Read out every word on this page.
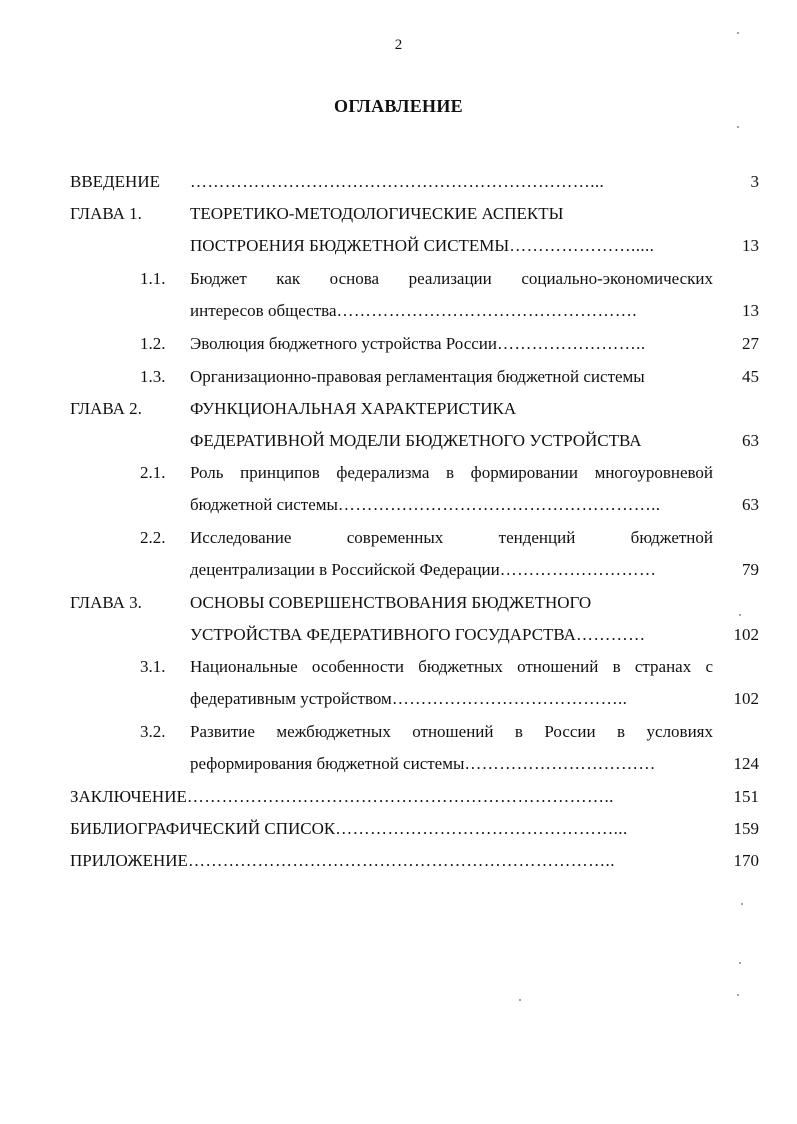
2
ОГЛАВЛЕНИЕ
ВВЕДЕНИЕ ……………………………………………………………...	3
ГЛАВА 1.	ТЕОРЕТИКО-МЕТОДОЛОГИЧЕСКИЕ АСПЕКТЫ
ПОСТРОЕНИЯ БЮДЖЕТНОЙ СИСТЕМЫ………………….....	13
1.1. Бюджет как основа реализации социально-экономических
интересов общества…………………………………………….	13
1.2. Эволюция бюджетного устройства России……………………..	27
1.3. Организационно-правовая регламентация бюджетной системы	45
ГЛАВА 2.	ФУНКЦИОНАЛЬНАЯ ХАРАКТЕРИСТИКА
ФЕДЕРАТИВНОЙ МОДЕЛИ БЮДЖЕТНОГО УСТРОЙСТВА	63
2.1. Роль принципов федерализма в формировании многоуровневой
бюджетной системы………………………………………………..	63
2.2. Исследование современных тенденций бюджетной
децентрализации в Российской Федерации………………………	79
ГЛАВА 3.	ОСНОВЫ СОВЕРШЕНСТВОВАНИЯ БЮДЖЕТНОГО
УСТРОЙСТВА ФЕДЕРАТИВНОГО ГОСУДАРСТВА…………	102
3.1. Национальные особенности бюджетных отношений в странах с
федеративным устройством…………………………………..	102
3.2. Развитие межбюджетных отношений в России в условиях
реформирования бюджетной системы……………………………	124
ЗАКЛЮЧЕНИЕ………………………………………………………………..	151
БИБЛИОГРАФИЧЕСКИЙ СПИСОК…………………………………………...	159
ПРИЛОЖЕНИЕ………………………………………………………………..	170
